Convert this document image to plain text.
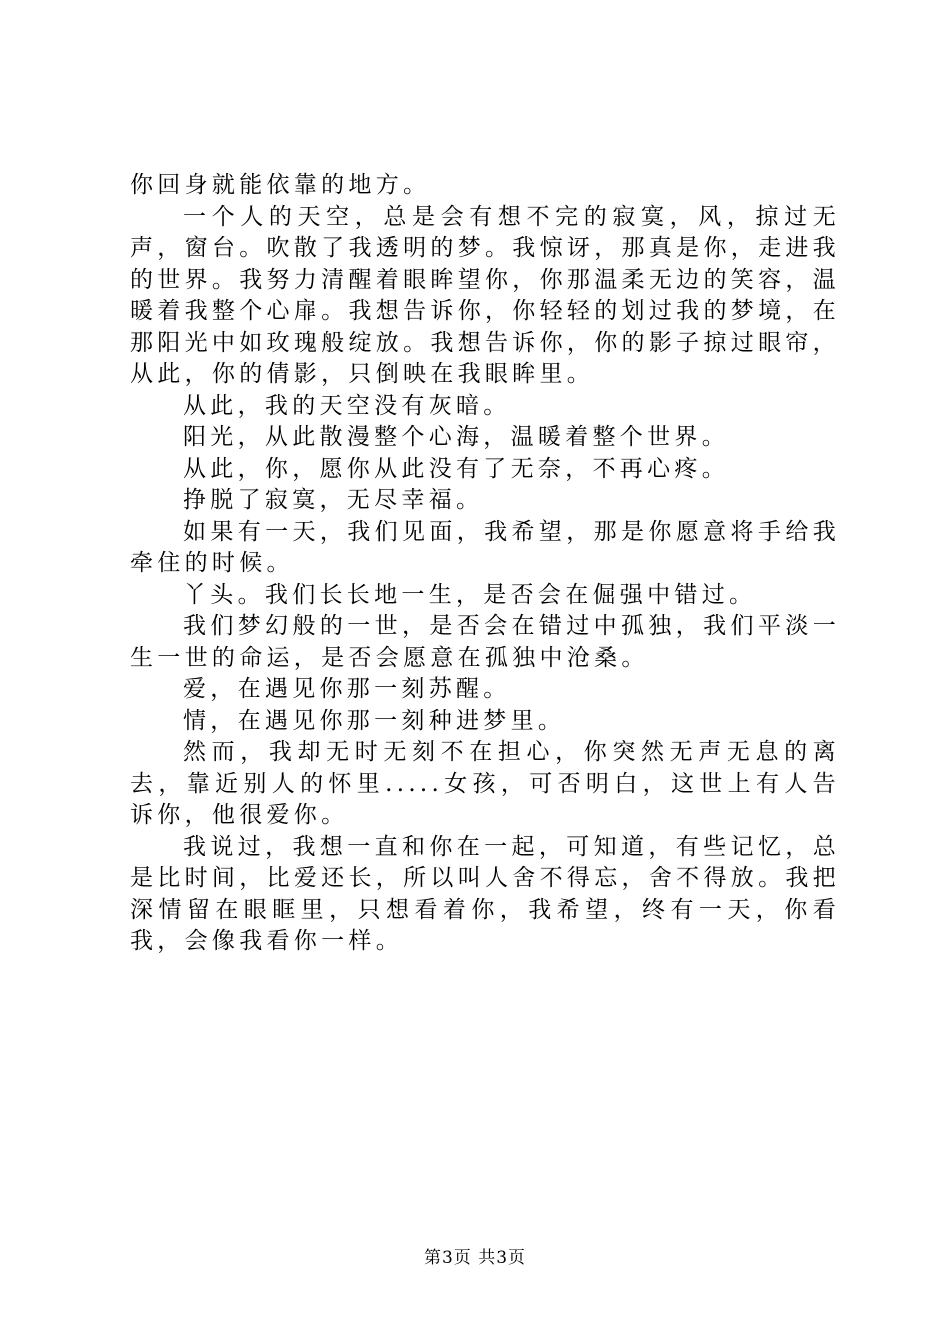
你回身就能依靠的地方。

一个人的天空，总是会有想不完的寂寞，风，掠过无声，窗台。吹散了我透明的梦。我惊讶，那真是你，走进我的世界。我努力清醒着眼眸望你，你那温柔无边的笑容，温暖着我整个心扉。我想告诉你，你轻轻的划过我的梦境，在那阳光中如玫瑰般绽放。我想告诉你，你的影子掠过眼帘，从此，你的倩影，只倒映在我眼眸里。

从此，我的天空没有灰暗。

阳光，从此散漫整个心海，温暖着整个世界。

从此，你，愿你从此没有了无奈，不再心疼。

挣脱了寂寞，无尽幸福。

如果有一天，我们见面，我希望，那是你愿意将手给我牵住的时候。

丫头。我们长长地一生，是否会在倔强中错过。

我们梦幻般的一世，是否会在错过中孤独，我们平淡一生一世的命运，是否会愿意在孤独中沧桑。

爱，在遇见你那一刻苏醒。

情，在遇见你那一刻种进梦里。

然而，我却无时无刻不在担心，你突然无声无息的离去，靠近别人的怀里.....女孩，可否明白，这世上有人告诉你，他很爱你。

我说过，我想一直和你在一起，可知道，有些记忆，总是比时间，比爱还长，所以叫人舍不得忘，舍不得放。我把深情留在眼眶里，只想看着你，我希望，终有一天，你看我，会像我看你一样。

第3页 共3页
